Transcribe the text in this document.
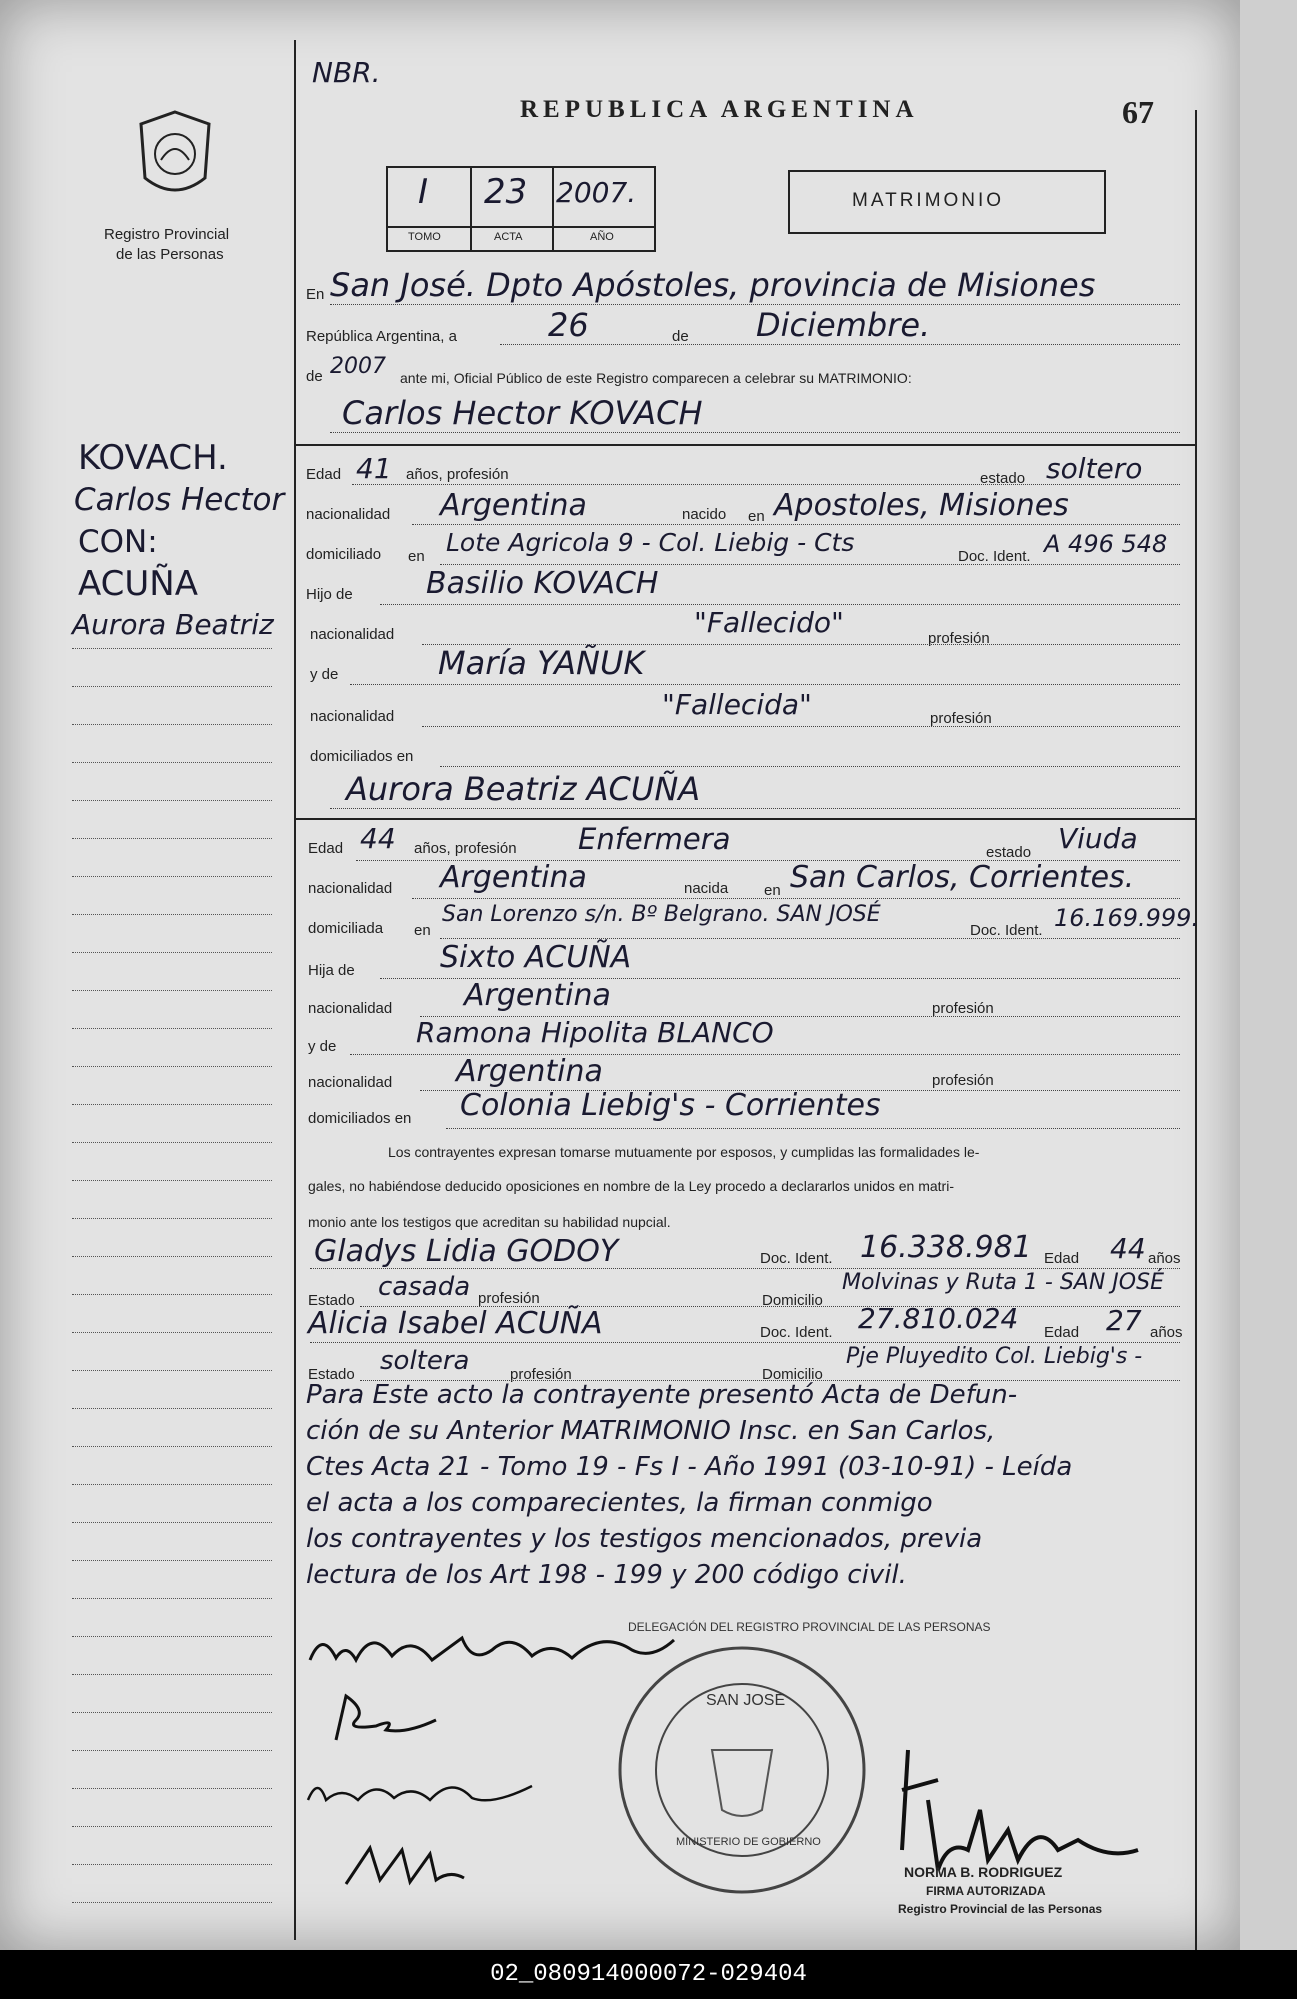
Registro Provincial
de las Personas
NBR.
REPUBLICA ARGENTINA	67
I 23 2007.
TOMO	ACTA	AÑO
MATRIMONIO
En San José. Dpto Apóstoles, provincia de Misiones
República Argentina, a	26	de Diciembre.
de 2007 ante mi, Oficial Público de este Registro comparecen a celebrar su MATRIMONIO:
Carlos Hector KOVACH
KOVACH.
Carlos Hector
CON:
ACUÑA
Aurora Beatriz
Edad 41 años, profesión	estado soltero
nacionalidad Argentina	nacido en Apostoles, Misiones
domiciliado en Lote Agricola 9 - Col. Liebig - Cts	Doc. Ident. A 496 548
Hijo de Basilio KOVACH
nacionalidad	"Fallecido"	profesión
y de	María YAÑUK
nacionalidad	"Fallecida"	profesión
domiciliados en
Aurora Beatriz ACUÑA
Edad 44 años, profesión Enfermera	estado Viuda
nacionalidad Argentina	nacida en San Carlos, Corrientes.
domiciliada en
San Lorenzo s/n. Bº Belgrano. SAN JOSÉ
Doc. Ident. 16.169.999.
Hija de	Sixto ACUÑA
nacionalidad Argentina	profesión
y de	Ramona Hipolita BLANCO
nacionalidad Argentina	profesión
domiciliados en Colonia Liebig's - Corrientes
Los contrayentes expresan tomarse mutuamente por esposos, y cumplidas las formalidades le-
gales, no habiéndose deducido oposiciones en nombre de la Ley procedo a declararlos unidos en matri-
monio ante los testigos que acreditan su habilidad nupcial.
Gladys Lidia GODOY	Doc. Ident. 16.338.981 Edad 44 años
Estado casada profesión	Domicilio
Molvinas y Ruta 1 - SAN JOSÉ
Alicia Isabel ACUÑA	Doc. Ident. 27.810.024 Edad 27 años
Estado soltera	profesión	Domicilio
Pje Pluyedito Col. Liebig's -
Para Este acto la contrayente presentó Acta de Defun-
ción de su Anterior MATRIMONIO Insc. en San Carlos,
Ctes Acta 21 - Tomo 19 - Fs I - Año 1991 (03-10-91) - Leída
el acta a los comparecientes, la firman conmigo
los contrayentes y los testigos mencionados, previa
lectura de los Art 198 - 199 y 200 código civil.
DELEGACIÓN DEL REGISTRO PROVINCIAL DE LAS PERSONAS
SAN JOSE
MINISTERIO DE GOBIERNO
NORMA B. RODRIGUEZ
FIRMA AUTORIZADA
Registro Provincial de las Personas
02_080914000072-029404
